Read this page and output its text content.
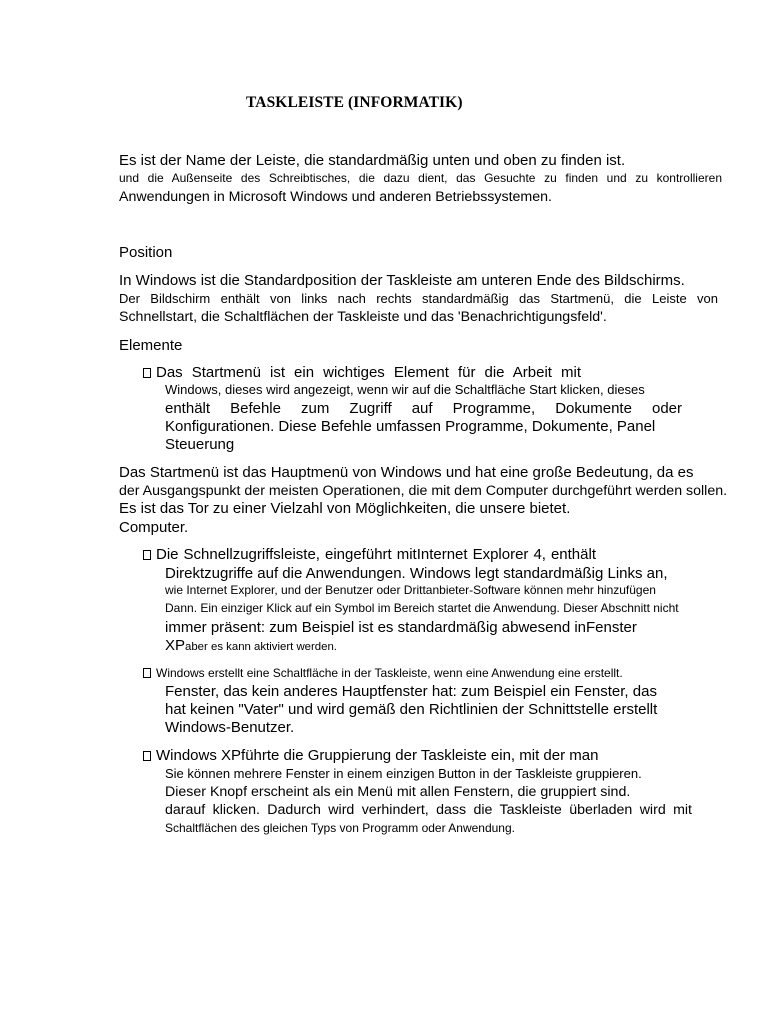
TASKLEISTE (INFORMATIK)
Es ist der Name der Leiste, die standardmäßig unten und oben zu finden ist.
und die Außenseite des Schreibtisches, die dazu dient, das Gesuchte zu finden und zu kontrollieren
Anwendungen in Microsoft Windows und anderen Betriebssystemen.
Position
In Windows ist die Standardposition der Taskleiste am unteren Ende des Bildschirms.
Der Bildschirm enthält von links nach rechts standardmäßig das Startmenü, die Leiste von
Schnellstart, die Schaltflächen der Taskleiste und das 'Benachrichtigungsfeld'.
Elemente
Das Startmenü ist ein wichtiges Element für die Arbeit mit
Windows, dieses wird angezeigt, wenn wir auf die Schaltfläche Start klicken, dieses
enthält Befehle zum Zugriff auf Programme, Dokumente oder
Konfigurationen. Diese Befehle umfassen Programme, Dokumente, Panel
Steuerung
Das Startmenü ist das Hauptmenü von Windows und hat eine große Bedeutung, da es
der Ausgangspunkt der meisten Operationen, die mit dem Computer durchgeführt werden sollen.
Es ist das Tor zu einer Vielzahl von Möglichkeiten, die unsere bietet.
Computer.
Die Schnellzugriffsleiste, eingeführt mitInternet Explorer 4, enthält
Direktzugriffe auf die Anwendungen. Windows legt standardmäßig Links an,
wie Internet Explorer, und der Benutzer oder Drittanbieter-Software können mehr hinzufügen
Dann. Ein einziger Klick auf ein Symbol im Bereich startet die Anwendung. Dieser Abschnitt nicht
immer präsent: zum Beispiel ist es standardmäßig abwesend inFenster
XPaber es kann aktiviert werden.
Windows erstellt eine Schaltfläche in der Taskleiste, wenn eine Anwendung eine erstellt.
Fenster, das kein anderes Hauptfenster hat: zum Beispiel ein Fenster, das
hat keinen "Vater" und wird gemäß den Richtlinien der Schnittstelle erstellt
Windows-Benutzer.
Windows XPführte die Gruppierung der Taskleiste ein, mit der man
Sie können mehrere Fenster in einem einzigen Button in der Taskleiste gruppieren.
Dieser Knopf erscheint als ein Menü mit allen Fenstern, die gruppiert sind.
darauf klicken. Dadurch wird verhindert, dass die Taskleiste überladen wird mit
Schaltflächen des gleichen Typs von Programm oder Anwendung.
